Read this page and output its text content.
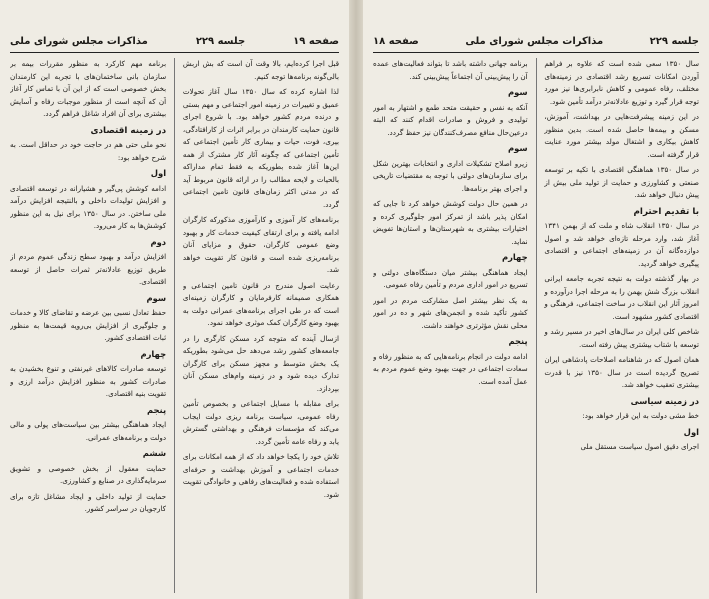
صفحه ۱۹
جلسه ۲۲۹
مذاکرات مجلس شورای ملی

برنامه مهم کارکرد به منظور مقررات بیمه بر سازمان بانی ساختمان‌های با تجربه این کارمندان بخش خصوصی است که از این آن با تماس کار آغاز آن که آنچه است از منظور موجبات رفاه و آسایش بیشتری برای آن افراد شاغل فراهم گردد.

در زمینه اقتصادی

نحو ملی حتی هم در حاجت خود در حداقل است. به شرح خواهد بود:

اول

ادامه کوشش پی‌گیر و هشیارانه در توسعه اقتصادی و افزایش تولیدات داخلی و بالنتیجه افزایش درآمد ملی ساختن. در سال ۱۳۵۰ برای نیل به این منظور کوشش‌ها به کار می‌رود.

دوم

افزایش درآمد و بهبود سطح زندگی عموم مردم از طریق توزیع عادلانه‌تر ثمرات حاصل از توسعه اقتصادی.

سوم

حفظ تعادل نسبی بین عرضه و تقاضای کالا و خدمات و جلوگیری از افزایش بی‌رویه قیمت‌ها به منظور ثبات اقتصادی کشور.

چهارم

توسعه صادرات کالاهای غیرنفتی و تنوع بخشیدن به صادرات کشور به منظور افزایش درآمد ارزی و تقویت بنیه اقتصادی.

پنجم

ایجاد هماهنگی بیشتر بین سیاست‌های پولی و مالی دولت و برنامه‌های عمرانی.

ششم

حمایت معقول از بخش خصوصی و تشویق سرمایه‌گذاری در صنایع و کشاورزی.

حمایت از تولید داخلی و ایجاد مشاغل تازه برای کارجویان در سراسر کشور.

قبل اجرا کرده‌ایم، بالا وقت آن است که بش اربش بالی‌گونه برنامه‌ها توجه کنیم.

لذا اشاره کرده که سال ۱۳۵۰ سال آغاز تحولات عمیق و تغییرات در زمینه امور اجتماعی و مهم بستی و درنده مردم کشور خواهد بود. با شروع اجرای قانون حمایت کارمندان در برابر اثرات از کارافتادگی، بیری، فوت، حیات و بیماری کار تأمین اجتماعی که تأمین اجتماعی که چگونه آثار کار مشترک از همه این‌ها آغاز شده بطوریکه به فقط تمام مداراکه بالحیات و لایحه مطالب را در ارائه قانون مربوط آید که در مدتی اکثر زمان‌های قانون تامین اجتماعی گردد.

برنامه‌های کار آموزی و کارآموزی مذکورکه کارگران ادامه یافته و برای ارتقای کیفیت خدمات کار و بهبود وضع عمومی کارگران، حقوق و مزایای آنان برنامه‌ریزی شده است و قانون کار تقویت خواهد شد.

رعایت اصول مندرج در قانون تامین اجتماعی و همکاری صمیمانه کارفرمایان و کارگران زمینه‌ای است که در طی اجرای برنامه‌های عمرانی دولت به بهبود وضع کارگران کمک موثری خواهد نمود.

ازسال آینده که متوجه کرد مسکن کارگری را در جامعه‌های کشور رشد می‌دهد حل می‌شود بطوریکه یک بخش متوسط و مجهز مسکن برای کارگران تدارک دیده شود و در زمینه وام‌های مسکن آنان بپردازد.

برای مقابله با مسایل اجتماعی و بخصوص تأمین رفاه عمومی، سیاست برنامه ریزی دولت ایجاب می‌کند که مؤسسات فرهنگی و بهداشتی گسترش یابد و رفاه عامه تأمین گردد.

تلاش خود را یکجا خواهد داد که از همه امکانات برای خدمات اجتماعی و آموزش بهداشت و حرفه‌ای استفاده شده و فعالیت‌های رفاهی و خانوادگی تقویت شود.

جلسه ۲۲۹
مذاکرات مجلس شورای ملی
صفحه ۱۸

برنامه جهانی داشته باشد تا بتواند فعالیت‌های عمده آن را پیش‌بینی آن اجتماعاً پیش‌بینی کند.

سوم

آنکه به نفس و حقیقت متحد طمع و اشتهار به امور تولیدی و فروش و صادرات اقدام کنند که البته درعین‌حال منافع مصرف‌کنندگان نیز حفظ گردد.

سوم

زیرو اصلاح تشکیلات اداری و انتخابات بهترین شکل برای سازمان‌های دولتی با توجه به مقتضیات تاریخی و اجرای بهتر برنامه‌ها.

در همین حال دولت کوشش خواهد کرد تا جایی که امکان پذیر باشد از تمرکز امور جلوگیری کرده و اختیارات بیشتری به شهرستان‌ها و استان‌ها تفویض نماید.

چهارم

ایجاد هماهنگی بیشتر میان دستگاه‌های دولتی و تسریع در امور اداری مردم و تأمین رفاه عمومی.

به یک نظر بیشتر اصل مشارکت مردم در امور کشور تأکید شده و انجمن‌های شهر و ده در امور محلی نقش مؤثرتری خواهند داشت.

پنجم

ادامه دولت در انجام برنامه‌هایی که به منظور رفاه و سعادت اجتماعی در جهت بهبود وضع عموم مردم به عمل آمده است.

سال ۱۳۵۰ سعی شده است که علاوه بر فراهم آوردن امکانات تسریع رشد اقتصادی در زمینه‌های مختلف، رفاه عمومی و کاهش نابرابری‌ها نیز مورد توجه قرار گیرد و توزیع عادلانه‌تر درآمد تأمین شود.

در این زمینه پیشرفت‌هایی در بهداشت، آموزش، مسکن و بیمه‌ها حاصل شده است. بدین منظور کاهش بیکاری و اشتغال مولد بیشتر مورد عنایت قرار گرفته است.

در سال ۱۳۵۰ هماهنگی اقتصادی با تکیه بر توسعه صنعتی و کشاورزی و حمایت از تولید ملی بیش از پیش دنبال خواهد شد.

با تقدیم احترام

در سال ۱۳۵۰ انقلاب شاه و ملت که از بهمن ۱۳۴۱ آغاز شد، وارد مرحله تازه‌ای خواهد شد و اصول دوازده‌گانه آن در زمینه‌های اجتماعی و اقتصادی پیگیری خواهد گردید.

در بهار گذشته دولت به نتیجه تجربه جامعه ایرانی انقلاب بزرگ شش بهمن را به مرحله اجرا درآورده و امروز آثار این انقلاب در ساخت اجتماعی، فرهنگی و اقتصادی کشور مشهود است.

شاخص کلی ایران در سال‌های اخیر در مسیر رشد و توسعه با شتاب بیشتری پیش رفته است.

همان اصول که در شاهنامه اصلاحات پادشاهی ایران تصریح گردیده است در سال ۱۳۵۰ نیز با قدرت بیشتری تعقیب خواهد شد.

در زمینه سیاسی

خط مشی دولت به این قرار خواهد بود:

اول

اجرای دقیق اصول سیاست مستقل ملی
